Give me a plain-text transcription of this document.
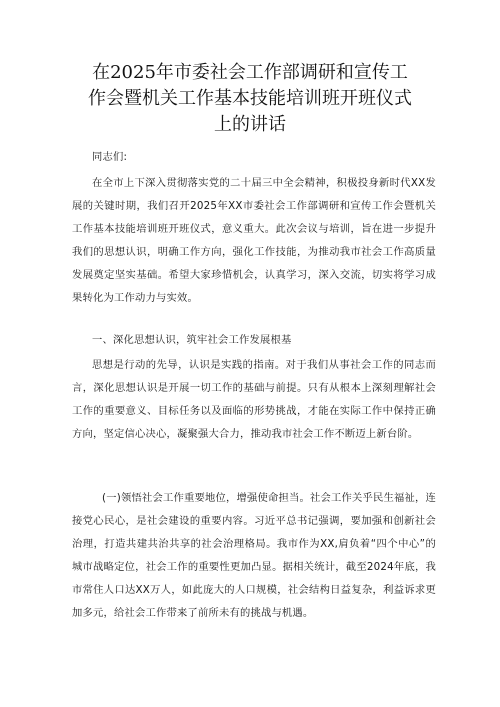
在2025年市委社会工作部调研和宣传工
作会暨机关工作基本技能培训班开班仪式
上的讲话
同志们:
在全市上下深入贯彻落实党的二十届三中全会精神，积极投身新时代XX发展的关键时期，我们召开2025年XX市委社会工作部调研和宣传工作会暨机关工作基本技能培训班开班仪式，意义重大。此次会议与培训，旨在进一步提升我们的思想认识，明确工作方向，强化工作技能，为推动我市社会工作高质量发展奠定坚实基础。希望大家珍惜机会，认真学习，深入交流，切实将学习成果转化为工作动力与实效。
一、深化思想认识，筑牢社会工作发展根基
思想是行动的先导，认识是实践的指南。对于我们从事社会工作的同志而言，深化思想认识是开展一切工作的基础与前提。只有从根本上深刻理解社会工作的重要意义、目标任务以及面临的形势挑战，才能在实际工作中保持正确方向，坚定信心决心，凝聚强大合力，推动我市社会工作不断迈上新台阶。
(一)领悟社会工作重要地位，增强使命担当。社会工作关乎民生福祉，连接党心民心，是社会建设的重要内容。习近平总书记强调，要加强和创新社会治理，打造共建共治共享的社会治理格局。我市作为XX,肩负着“四个中心”的城市战略定位，社会工作的重要性更加凸显。据相关统计，截至2024年底，我市常住人口达XX万人，如此庞大的人口规模，社会结构日益复杂，利益诉求更加多元，给社会工作带来了前所未有的挑战与机遇。
